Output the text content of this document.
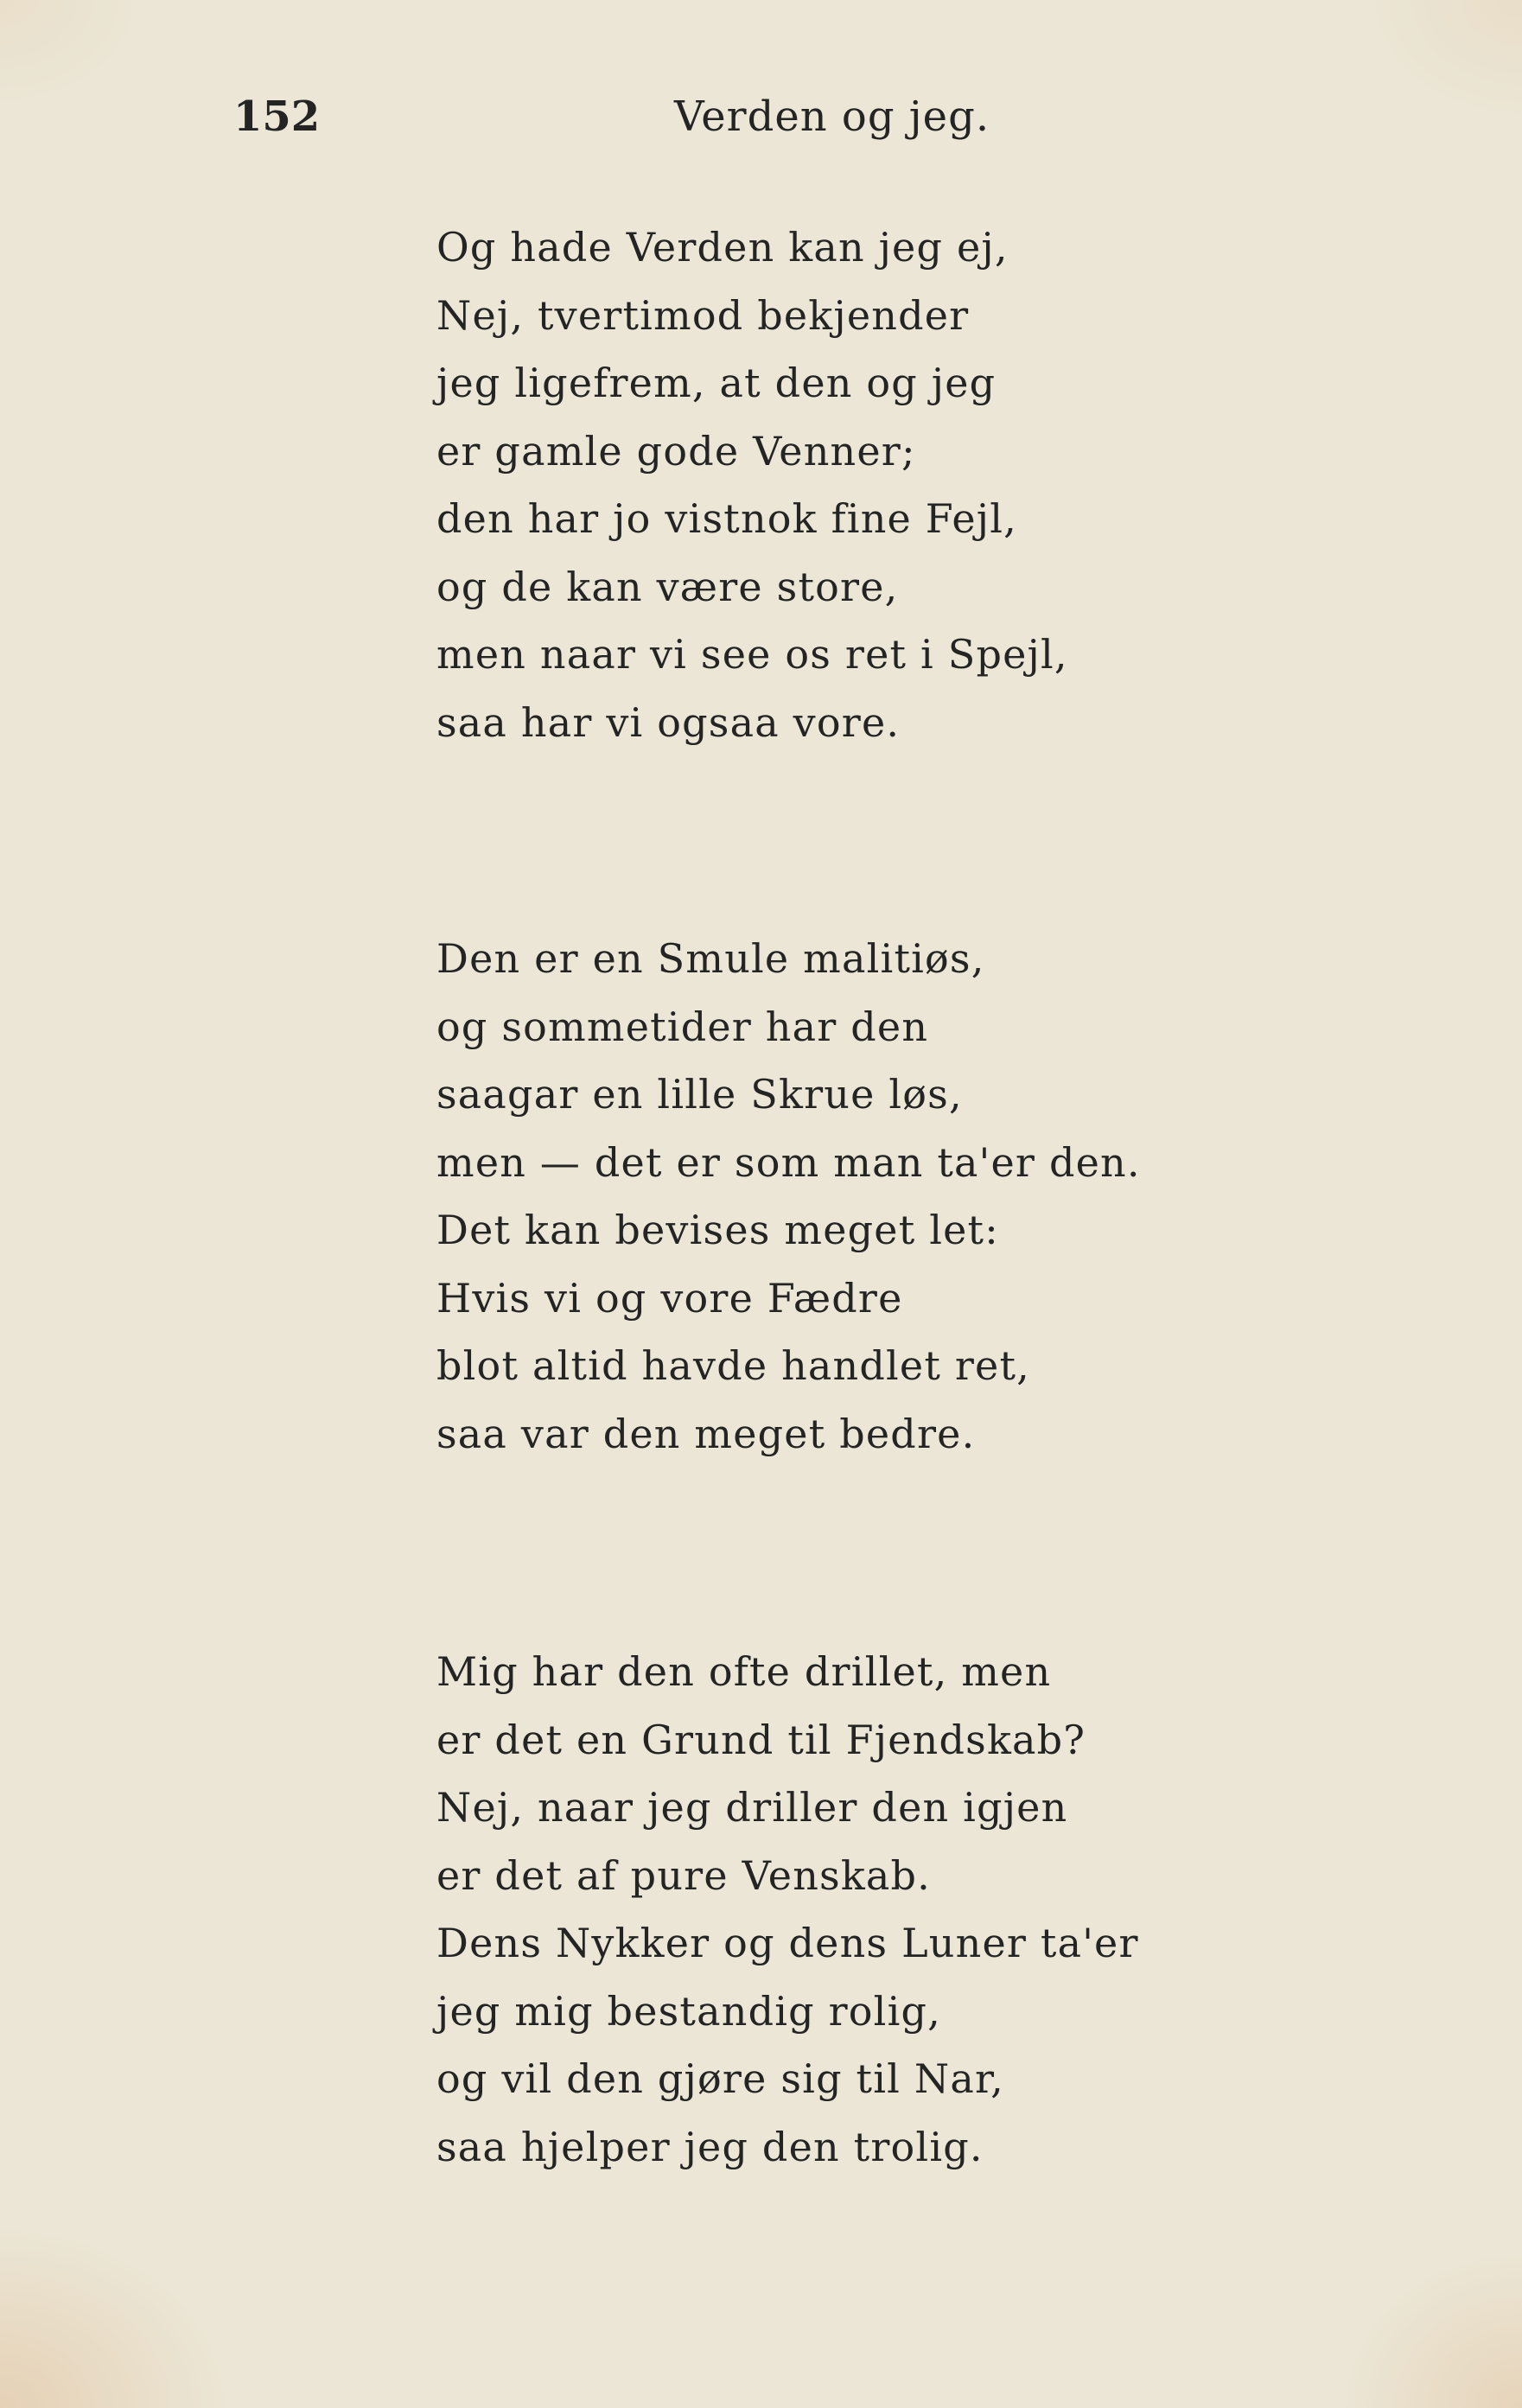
152	Verden og jeg.
Og hade Verden kan jeg ej,
Nej, tvertimod bekjender
jeg ligefrem, at den og jeg
er gamle gode Venner;
den har jo vistnok fine Fejl,
og de kan være store,
men naar vi see os ret i Spejl,
saa har vi ogsaa vore.
Den er en Smule malitiøs,
og sommetider har den
saagar en lille Skrue løs,
men — det er som man ta'er den.
Det kan bevises meget let:
Hvis vi og vore Fædre
blot altid havde handlet ret,
saa var den meget bedre.
Mig har den ofte drillet, men
er det en Grund til Fjendskab?
Nej, naar jeg driller den igjen
er det af pure Venskab.
Dens Nykker og dens Luner ta'er
jeg mig bestandig rolig,
og vil den gjøre sig til Nar,
saa hjelper jeg den trolig.
